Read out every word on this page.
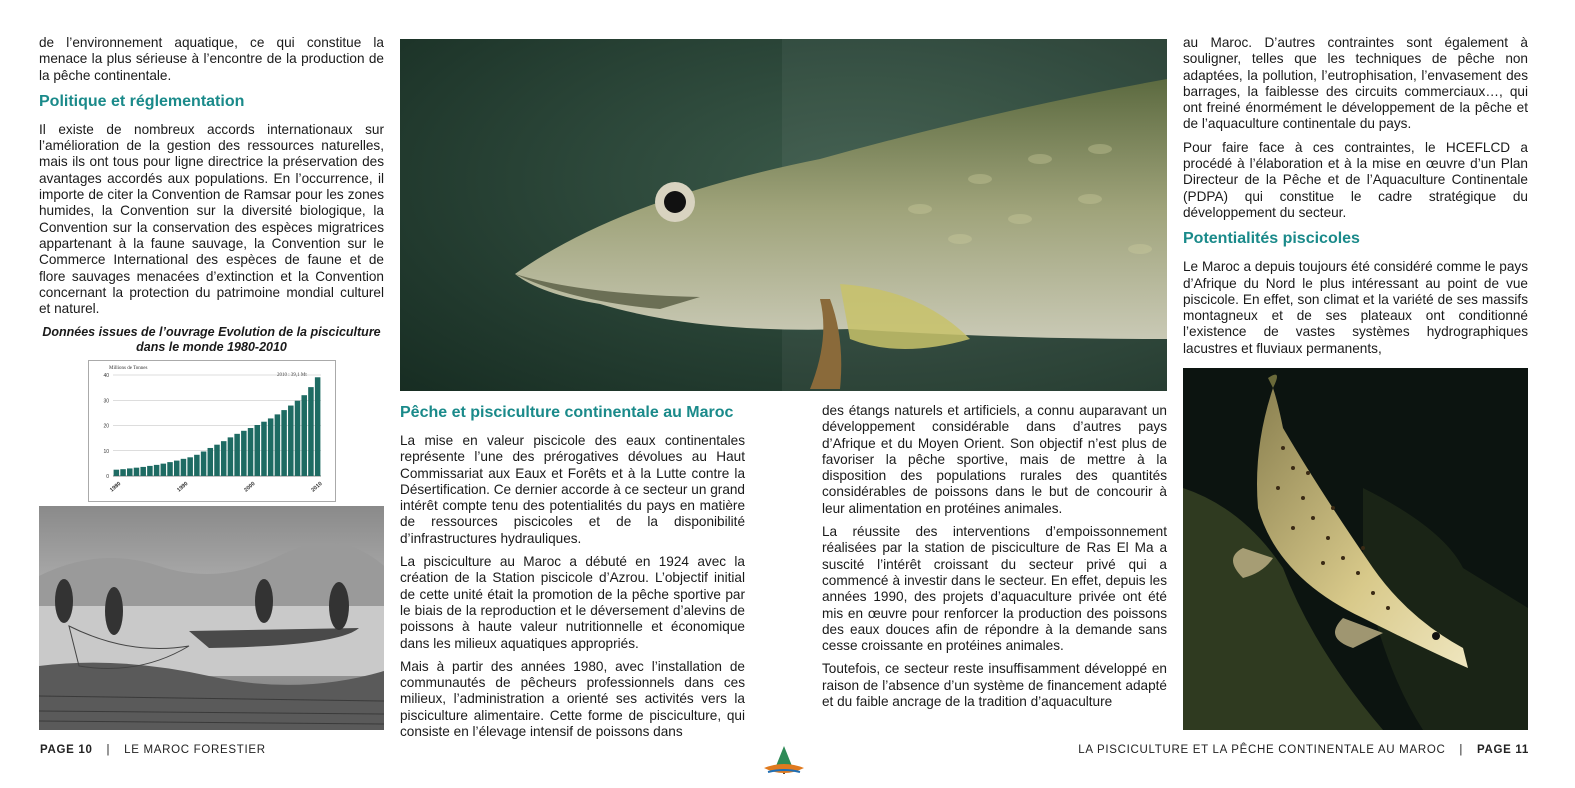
de l’environnement aquatique, ce qui constitue la menace la plus sérieuse à l’encontre de la production de la pêche continentale.

Politique et réglementation

Il existe de nombreux accords internationaux sur l’amélioration de la gestion des ressources naturelles, mais ils ont tous pour ligne directrice la préservation des avantages accordés aux populations. En l’occurrence, il importe de citer la Convention de Ramsar pour les zones humides, la Convention sur la diversité biologique, la Convention sur la conservation des espèces migratrices appartenant à la faune sauvage, la Convention sur le Commerce International des espèces de faune et de flore sauvages menacées d’extinction et la Convention concernant la protection du patrimoine mondial culturel et naturel.

Données issues de l’ouvrage Evolution de la pisciculture dans le monde 1980-2010
Millions de Tonnes
2010 : 39,1 Mt
0
10
20
30
40
1980	1990	2000	2010
Pêche et pisciculture continentale au Maroc

La mise en valeur piscicole des eaux continentales représente l’une des prérogatives dévolues au Haut Commissariat aux Eaux et Forêts et à la Lutte contre la Désertification. Ce dernier accorde à ce secteur un grand intérêt compte tenu des potentialités du pays en matière de ressources piscicoles et de la disponibilité d’infrastructures hydrauliques.

La pisciculture au Maroc a débuté en 1924 avec la création de la Station piscicole d’Azrou. L’objectif initial de cette unité était la promotion de la pêche sportive par le biais de la reproduction et le déversement d’alevins de poissons à haute valeur nutritionnelle et économique dans les milieux aquatiques appropriés.

Mais à partir des années 1980, avec l’installation de communautés de pêcheurs professionnels dans ces milieux, l’administration a orienté ses activités vers la pisciculture alimentaire. Cette forme de pisciculture, qui consiste en l’élevage intensif de poissons dans

des étangs naturels et artificiels, a connu auparavant un développement considérable dans d’autres pays d’Afrique et du Moyen Orient. Son objectif n’est plus de favoriser la pêche sportive, mais de mettre à la disposition des populations rurales des quantités considérables de poissons dans le but de concourir à leur alimentation en protéines animales.

La réussite des interventions d’empoissonnement réalisées par la station de pisciculture de Ras El Ma a suscité l’intérêt croissant du secteur privé qui a commencé à investir dans le secteur. En effet, depuis les années 1990, des projets d’aquaculture privée ont été mis en œuvre pour renforcer la production des poissons des eaux douces afin de répondre à la demande sans cesse croissante en protéines animales.

Toutefois, ce secteur reste insuffisamment développé en raison de l’absence d’un système de financement adapté et du faible ancrage de la tradition d’aquaculture

au Maroc. D’autres contraintes sont également à souligner, telles que les techniques de pêche non adaptées, la pollution, l’eutrophisation, l’envasement des barrages, la faiblesse des circuits commerciaux…, qui ont freiné énormément le développement de la pêche et de l’aquaculture continentale du pays.

Pour faire face à ces contraintes, le HCEFLCD a procédé à l’élaboration et à la mise en œuvre d’un Plan Directeur de la Pêche et de l’Aquaculture Continentale (PDPA) qui constitue le cadre stratégique du développement du secteur.

Potentialités piscicoles

Le Maroc a depuis toujours été considéré comme le pays d’Afrique du Nord le plus intéressant au point de vue piscicole. En effet, son climat et la variété de ses massifs montagneux et de ses plateaux ont conditionné l’existence de vastes systèmes hydrographiques lacustres et fluviaux permanents,

PAGE 10 | LE MAROC FORESTIER	LA PISCICULTURE ET LA PÊCHE CONTINENTALE AU MAROC | PAGE 11
